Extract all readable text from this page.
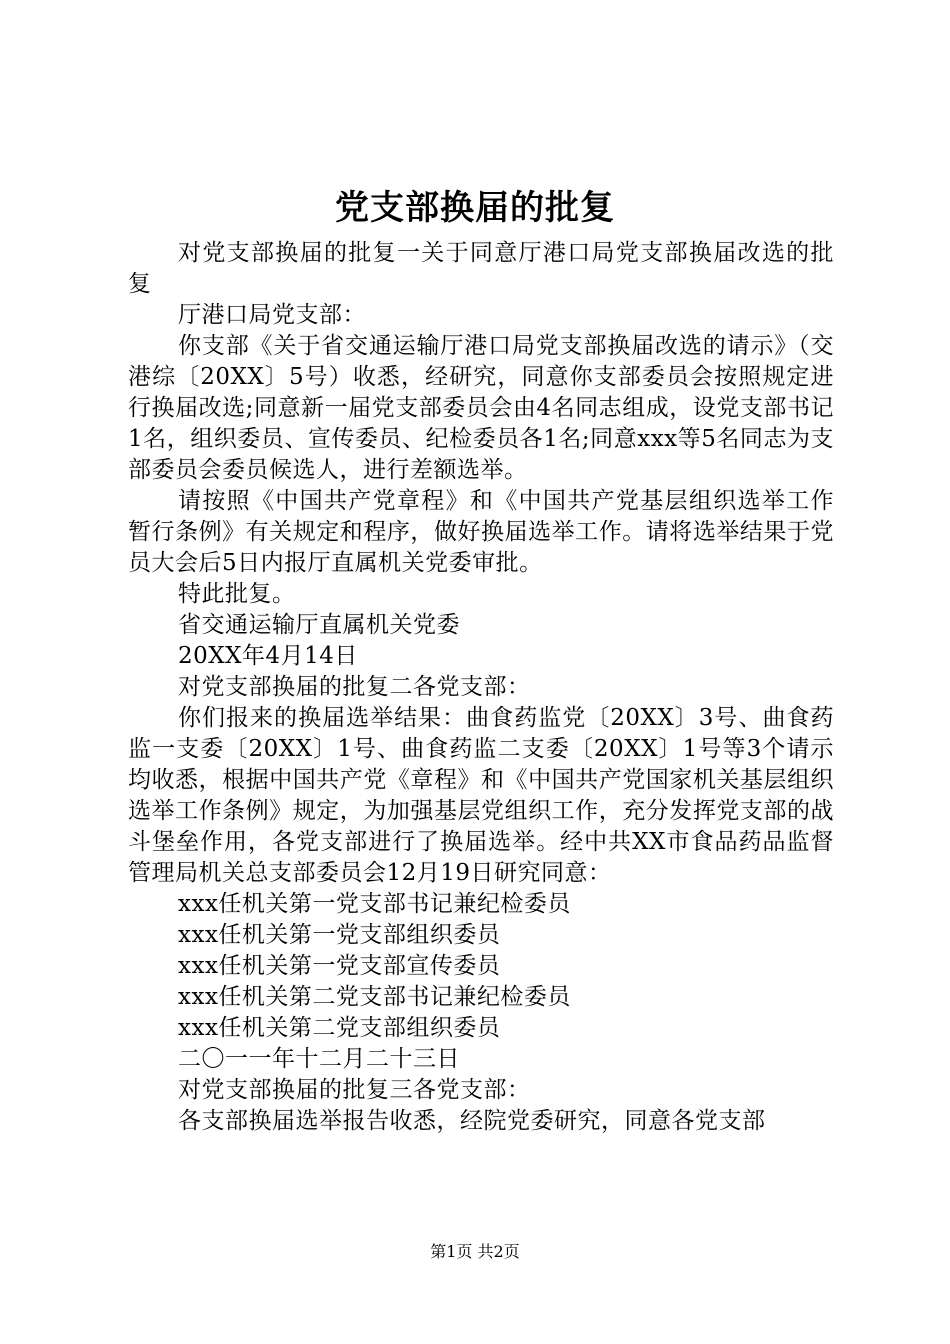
党支部换届的批复

对党支部换届的批复一关于同意厅港口局党支部换届改选的批复

厅港口局党支部：

你支部《关于省交通运输厅港口局党支部换届改选的请示》（交港综〔20XX〕5号）收悉，经研究，同意你支部委员会按照规定进行换届改选;同意新一届党支部委员会由4名同志组成，设党支部书记1名，组织委员、宣传委员、纪检委员各1名;同意xxx等5名同志为支部委员会委员候选人，进行差额选举。

请按照《中国共产党章程》和《中国共产党基层组织选举工作暂行条例》有关规定和程序，做好换届选举工作。请将选举结果于党员大会后5日内报厅直属机关党委审批。

特此批复。

省交通运输厅直属机关党委

20XX年4月14日

对党支部换届的批复二各党支部：

你们报来的换届选举结果：曲食药监党〔20XX〕3号、曲食药监一支委〔20XX〕1号、曲食药监二支委〔20XX〕1号等3个请示均收悉，根据中国共产党《章程》和《中国共产党国家机关基层组织选举工作条例》规定，为加强基层党组织工作，充分发挥党支部的战斗堡垒作用，各党支部进行了换届选举。经中共XX市食品药品监督管理局机关总支部委员会12月19日研究同意：

xxx任机关第一党支部书记兼纪检委员

xxx任机关第一党支部组织委员

xxx任机关第一党支部宣传委员

xxx任机关第二党支部书记兼纪检委员

xxx任机关第二党支部组织委员

二〇一一年十二月二十三日

对党支部换届的批复三各党支部：

各支部换届选举报告收悉，经院党委研究，同意各党支部

第1页 共2页
